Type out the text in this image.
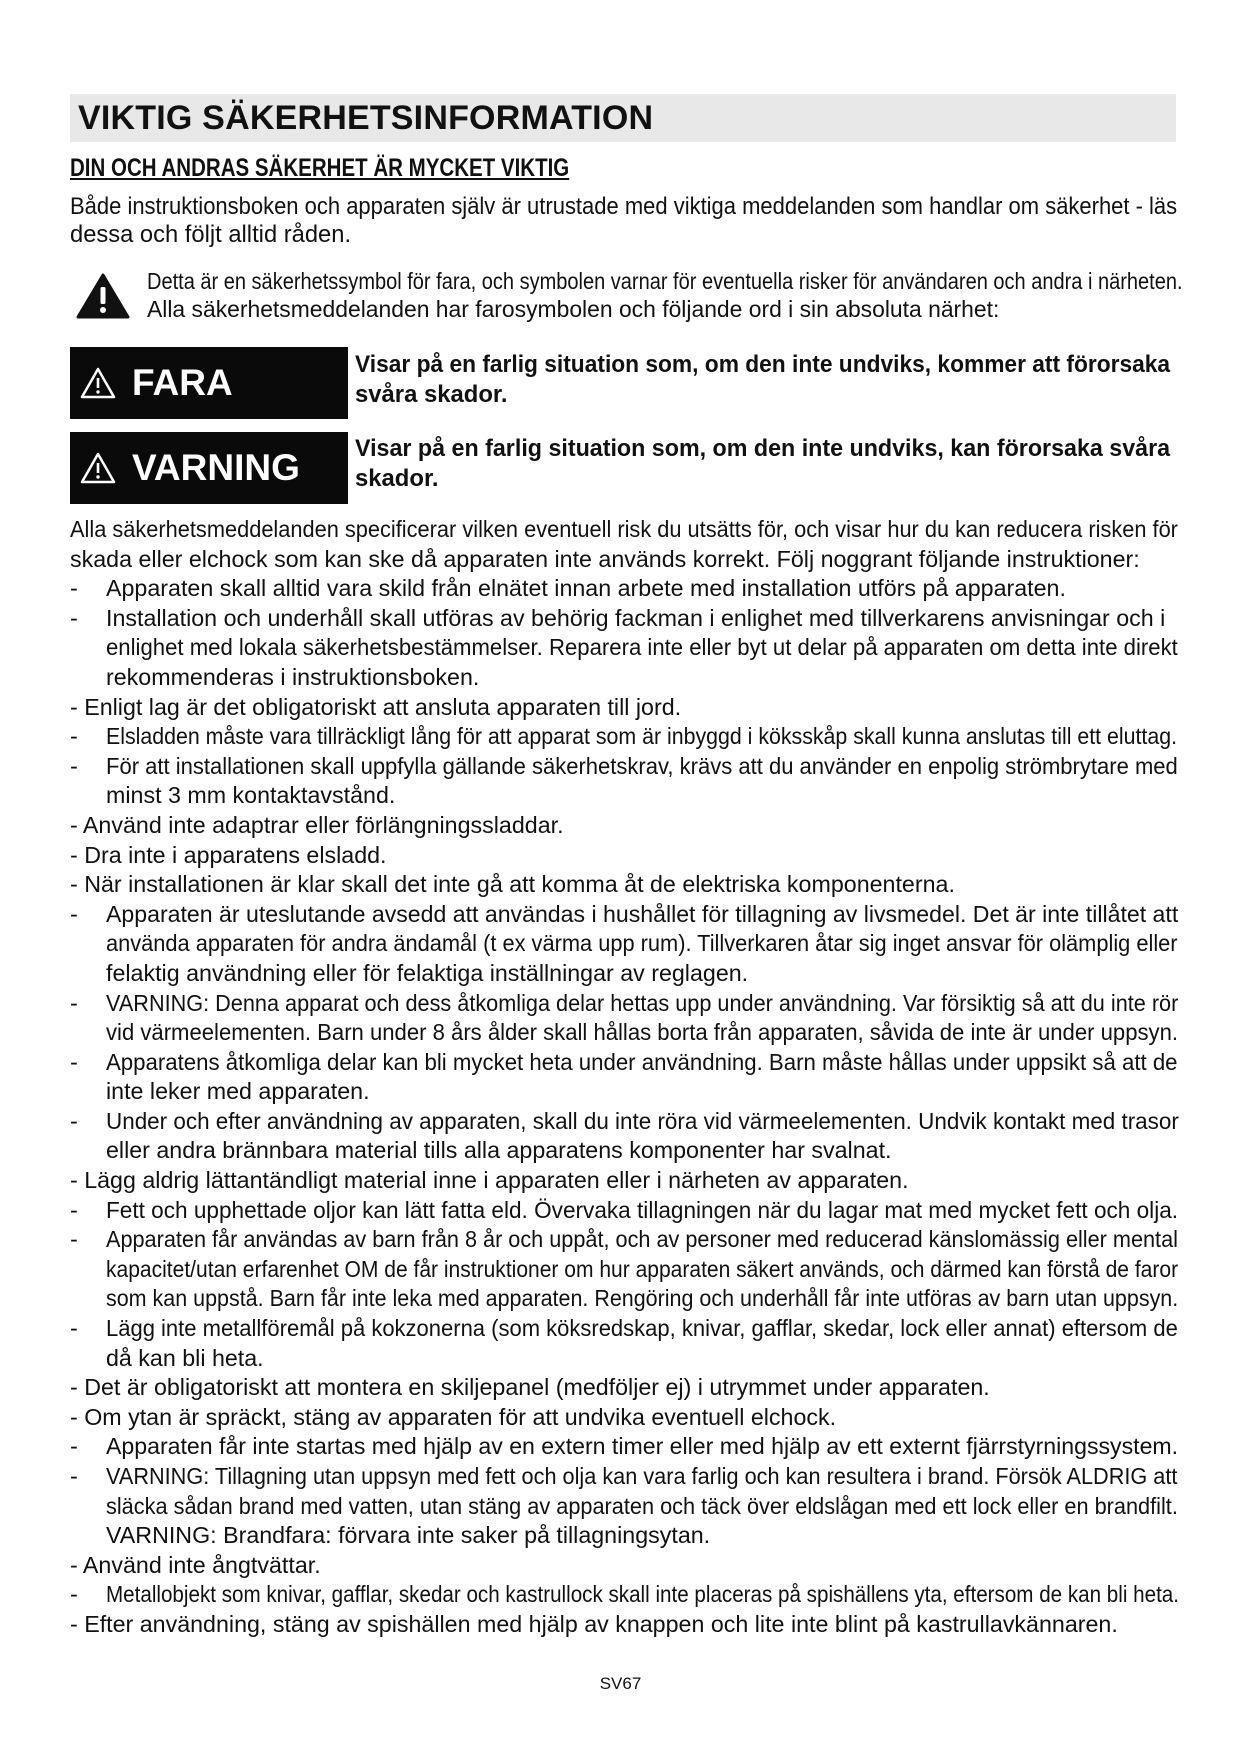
VIKTIG SÄKERHETSINFORMATION
DIN OCH ANDRAS SÄKERHET ÄR MYCKET VIKTIG
Både instruktionsboken och apparaten själv är utrustade med viktiga meddelanden som handlar om säkerhet - läs
dessa och följt alltid råden.
Detta är en säkerhetssymbol för fara, och symbolen varnar för eventuella risker för användaren och andra i närheten.
Alla säkerhetsmeddelanden har farosymbolen och följande ord i sin absoluta närhet:
FARA	Visar på en farlig situation som, om den inte undviks, kommer att förorsaka
svåra skador.
VARNING Visar på en farlig situation som, om den inte undviks, kan förorsaka svåra
skador.
Alla säkerhetsmeddelanden specificerar vilken eventuell risk du utsätts för, och visar hur du kan reducera risken för
skada eller elchock som kan ske då apparaten inte används korrekt. Följ noggrant följande instruktioner:
- Apparaten skall alltid vara skild från elnätet innan arbete med installation utförs på apparaten.
- Installation och underhåll skall utföras av behörig fackman i enlighet med tillverkarens anvisningar och i
enlighet med lokala säkerhetsbestämmelser. Reparera inte eller byt ut delar på apparaten om detta inte direkt
rekommenderas i instruktionsboken.
- Enligt lag är det obligatoriskt att ansluta apparaten till jord.
- Elsladden måste vara tillräckligt lång för att apparat som är inbyggd i köksskåp skall kunna anslutas till ett eluttag.
- För att installationen skall uppfylla gällande säkerhetskrav, krävs att du använder en enpolig strömbrytare med
minst 3 mm kontaktavstånd.
- Använd inte adaptrar eller förlängningssladdar.
- Dra inte i apparatens elsladd.
- När installationen är klar skall det inte gå att komma åt de elektriska komponenterna.
- Apparaten är uteslutande avsedd att användas i hushållet för tillagning av livsmedel. Det är inte tillåtet att
använda apparaten för andra ändamål (t ex värma upp rum). Tillverkaren åtar sig inget ansvar för olämplig eller
felaktig användning eller för felaktiga inställningar av reglagen.
- VARNING: Denna apparat och dess åtkomliga delar hettas upp under användning. Var försiktig så att du inte rör
vid värmeelementen. Barn under 8 års ålder skall hållas borta från apparaten, såvida de inte är under uppsyn.
- Apparatens åtkomliga delar kan bli mycket heta under användning. Barn måste hållas under uppsikt så att de
inte leker med apparaten.
- Under och efter användning av apparaten, skall du inte röra vid värmeelementen. Undvik kontakt med trasor
eller andra brännbara material tills alla apparatens komponenter har svalnat.
- Lägg aldrig lättantändligt material inne i apparaten eller i närheten av apparaten.
- Fett och upphettade oljor kan lätt fatta eld. Övervaka tillagningen när du lagar mat med mycket fett och olja.
- Apparaten får användas av barn från 8 år och uppåt, och av personer med reducerad känslomässig eller mental
kapacitet/utan erfarenhet OM de får instruktioner om hur apparaten säkert används, och därmed kan förstå de faror
som kan uppstå. Barn får inte leka med apparaten. Rengöring och underhåll får inte utföras av barn utan uppsyn.
- Lägg inte metallföremål på kokzonerna (som köksredskap, knivar, gafflar, skedar, lock eller annat) eftersom de
då kan bli heta.
- Det är obligatoriskt att montera en skiljepanel (medföljer ej) i utrymmet under apparaten.
- Om ytan är spräckt, stäng av apparaten för att undvika eventuell elchock.
- Apparaten får inte startas med hjälp av en extern timer eller med hjälp av ett externt fjärrstyrningssystem.
- VARNING: Tillagning utan uppsyn med fett och olja kan vara farlig och kan resultera i brand. Försök ALDRIG att
släcka sådan brand med vatten, utan stäng av apparaten och täck över eldslågan med ett lock eller en brandfilt.
VARNING: Brandfara: förvara inte saker på tillagningsytan.
- Använd inte ångtvättar.
- Metallobjekt som knivar, gafflar, skedar och kastrullock skall inte placeras på spishällens yta, eftersom de kan bli heta.
- Efter användning, stäng av spishällen med hjälp av knappen och lite inte blint på kastrullavkännaren.
SV67
